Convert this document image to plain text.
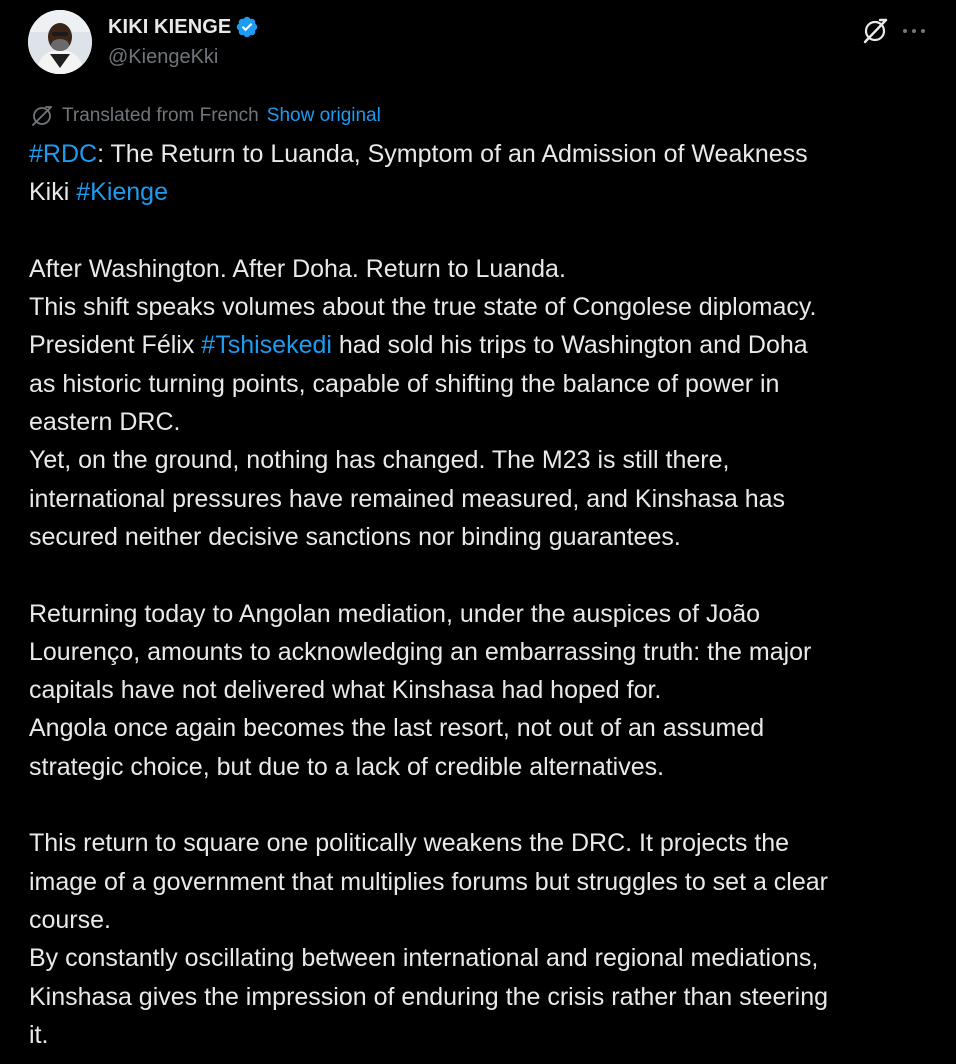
KIKI KIENGE
@KiengeKki
Translated from French Show original
#RDC: The Return to Luanda, Symptom of an Admission of Weakness
Kiki #Kienge
After Washington. After Doha. Return to Luanda.
This shift speaks volumes about the true state of Congolese diplomacy.
President Félix #Tshisekedi had sold his trips to Washington and Doha
as historic turning points, capable of shifting the balance of power in
eastern DRC.
Yet, on the ground, nothing has changed. The M23 is still there,
international pressures have remained measured, and Kinshasa has
secured neither decisive sanctions nor binding guarantees.
Returning today to Angolan mediation, under the auspices of João
Lourenço, amounts to acknowledging an embarrassing truth: the major
capitals have not delivered what Kinshasa had hoped for.
Angola once again becomes the last resort, not out of an assumed
strategic choice, but due to a lack of credible alternatives.
This return to square one politically weakens the DRC. It projects the
image of a government that multiplies forums but struggles to set a clear
course.
By constantly oscillating between international and regional mediations,
Kinshasa gives the impression of enduring the crisis rather than steering
it.
